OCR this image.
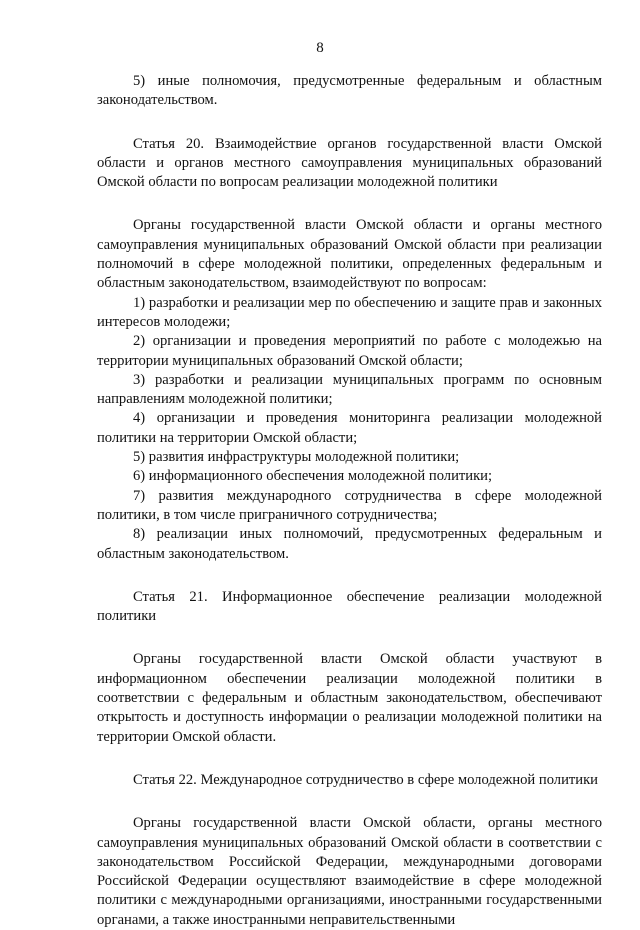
8

5) иные полномочия, предусмотренные федеральным и областным законодательством.

Статья 20. Взаимодействие органов государственной власти Омской области и органов местного самоуправления муниципальных образований Омской области по вопросам реализации молодежной политики

Органы государственной власти Омской области и органы местного самоуправления муниципальных образований Омской области при реализации полномочий в сфере молодежной политики, определенных федеральным и областным законодательством, взаимодействуют по вопросам:

1) разработки и реализации мер по обеспечению и защите прав и законных интересов молодежи;

2) организации и проведения мероприятий по работе с молодежью на территории муниципальных образований Омской области;

3) разработки и реализации муниципальных программ по основным направлениям молодежной политики;

4) организации и проведения мониторинга реализации молодежной политики на территории Омской области;

5) развития инфраструктуры молодежной политики;

6) информационного обеспечения молодежной политики;

7) развития международного сотрудничества в сфере молодежной политики, в том числе приграничного сотрудничества;

8) реализации иных полномочий, предусмотренных федеральным и областным законодательством.

Статья 21. Информационное обеспечение реализации молодежной политики

Органы государственной власти Омской области участвуют в информационном обеспечении реализации молодежной политики в соответствии с федеральным и областным законодательством, обеспечивают открытость и доступность информации о реализации молодежной политики на территории Омской области.

Статья 22. Международное сотрудничество в сфере молодежной политики

Органы государственной власти Омской области, органы местного самоуправления муниципальных образований Омской области в соответствии с законодательством Российской Федерации, международными договорами Российской Федерации осуществляют взаимодействие в сфере молодежной политики с международными организациями, иностранными государственными органами, а также иностранными неправительственными
